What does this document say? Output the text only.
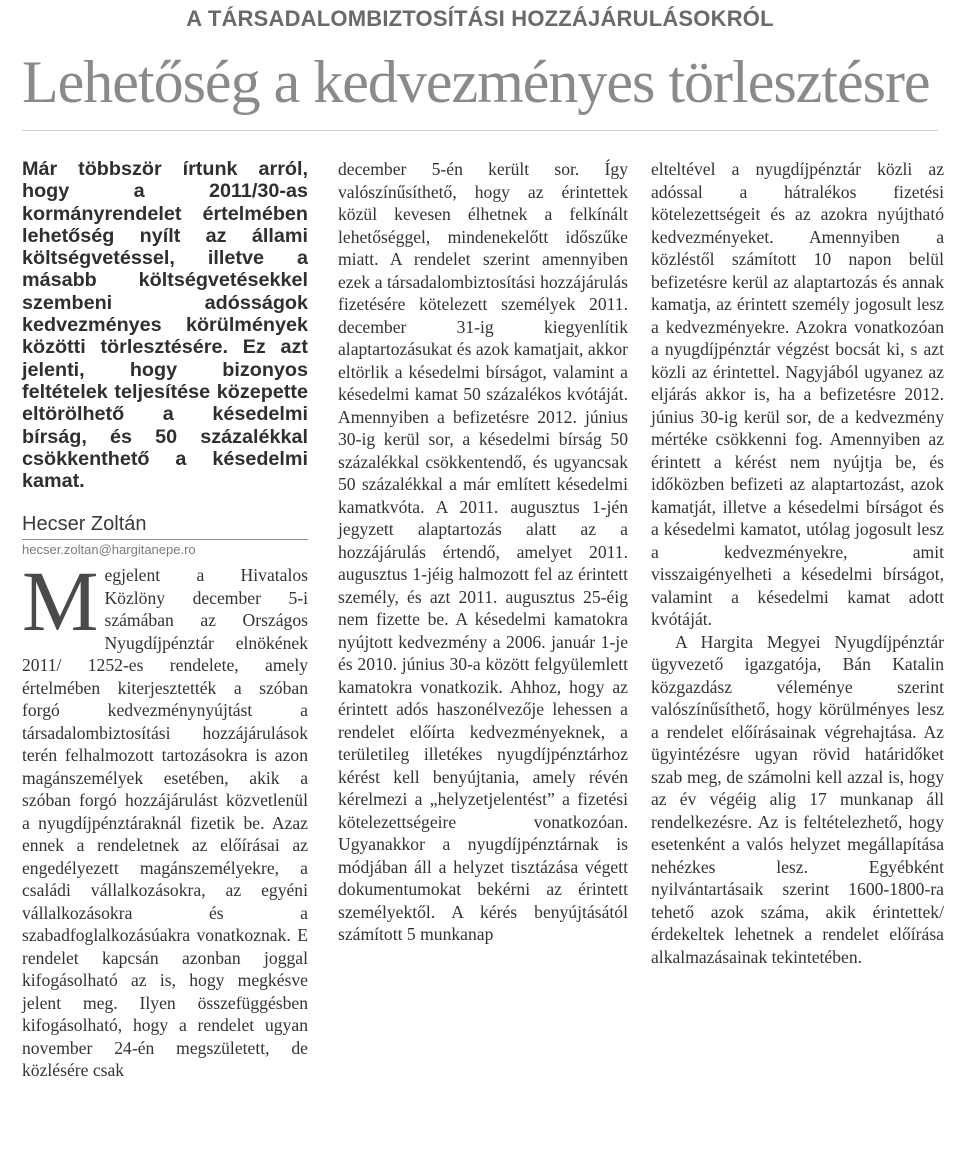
A TÁRSADALOMBIZTOSÍTÁSI HOZZÁJÁRULÁSOKRÓL
Lehetőség a kedvezményes törlesztésre
Már többször írtunk arról, hogy a 2011/30-as kormányrendelet értelmében lehetőség nyílt az állami költségvetéssel, illetve a másabb költségvetésekkel szembeni adósságok kedvezményes körülmények közötti törlesztésére. Ez azt jelenti, hogy bizonyos feltételek teljesítése közepette eltörölhető a késedelmi bírság, és 50 százalékkal csökkenthető a késedelmi kamat.
Hecser Zoltán
hecser.zoltan@hargitanepe.ro

Megjelent a Hivatalos Közlöny december 5-i számában az Országos Nyugdíjpénztár elnökének 2011/ 1252-es rendelete, amely értelmében kiterjesztették a szóban forgó kedvezménynyújtást a társadalombiztosítási hozzájárulások terén felhalmozott tartozásokra is azon magánszemélyek esetében, akik a szóban forgó hozzájárulást közvetlenül a nyugdíjpénztáraknál fizetik be. Azaz ennek a rendeletnek az előírásai az engedélyezett magánszemélyekre, a családi vállalkozásokra, az egyéni vállalkozásokra és a szabadfoglalkozásúakra vonatkoznak. E rendelet kapcsán azonban joggal kifogásolható az is, hogy megkésve jelent meg. Ilyen összefüggésben kifogásolható, hogy a rendelet ugyan november 24-én megszületett, de közlésére csak

december 5-én került sor. Így valószínűsíthető, hogy az érintettek közül kevesen élhetnek a felkínált lehetőséggel, mindenekelőtt időszűke miatt. A rendelet szerint amennyiben ezek a társadalombiztosítási hozzájárulás fizetésére kötelezett személyek 2011. december 31-ig kiegyenlítik alaptartozásukat és azok kamatjait, akkor eltörlik a késedelmi bírságot, valamint a késedelmi kamat 50 százalékos kvótáját. Amennyiben a befizetésre 2012. június 30-ig kerül sor, a késedelmi bírság 50 százalékkal csökkentendő, és ugyancsak 50 százalékkal a már említett késedelmi kamatkvóta. A 2011. augusztus 1-jén jegyzett alaptartozás alatt az a hozzájárulás értendő, amelyet 2011. augusztus 1-jéig halmozott fel az érintett személy, és azt 2011. augusztus 25-éig nem fizette be. A késedelmi kamatokra nyújtott kedvezmény a 2006. január 1-je és 2010. június 30-a között felgyülemlett kamatokra vonatkozik. Ahhoz, hogy az érintett adós haszonélvezője lehessen a rendelet előírta kedvezményeknek, a területileg illetékes nyugdíjpénztárhoz kérést kell benyújtania, amely révén kérelmezi a „helyzetjelentést” a fizetési kötelezettségeire vonatkozóan. Ugyanakkor a nyugdíjpénztárnak is módjában áll a helyzet tisztázása végett dokumentumokat bekérni az érintett személyektől. A kérés benyújtásától számított 5 munkanap

elteltével a nyugdíjpénztár közli az adóssal a hátralékos fizetési kötelezettségeit és az azokra nyújtható kedvezményeket. Amennyiben a közléstől számított 10 napon belül befizetésre kerül az alaptartozás és annak kamatja, az érintett személy jogosult lesz a kedvezményekre. Azokra vonatkozóan a nyugdíjpénztár végzést bocsát ki, s azt közli az érintettel. Nagyjából ugyanez az eljárás akkor is, ha a befizetésre 2012. június 30-ig kerül sor, de a kedvezmény mértéke csökkenni fog. Amennyiben az érintett a kérést nem nyújtja be, és időközben befizeti az alaptartozást, azok kamatját, illetve a késedelmi bírságot és a késedelmi kamatot, utólag jogosult lesz a kedvezményekre, amit visszaigényelheti a késedelmi bírságot, valamint a késedelmi kamat adott kvótáját.

A Hargita Megyei Nyugdíjpénztár ügyvezető igazgatója, Bán Katalin közgazdász véleménye szerint valószínűsíthető, hogy körülményes lesz a rendelet előírásainak végrehajtása. Az ügyintézésre ugyan rövid határidőket szab meg, de számolni kell azzal is, hogy az év végéig alig 17 munkanap áll rendelkezésre. Az is feltételezhető, hogy esetenként a valós helyzet megállapítása nehézkes lesz. Egyébként nyilvántartásaik szerint 1600-1800-ra tehető azok száma, akik érintettek/érdekeltek lehetnek a rendelet előírása alkalmazásainak tekintetében.
